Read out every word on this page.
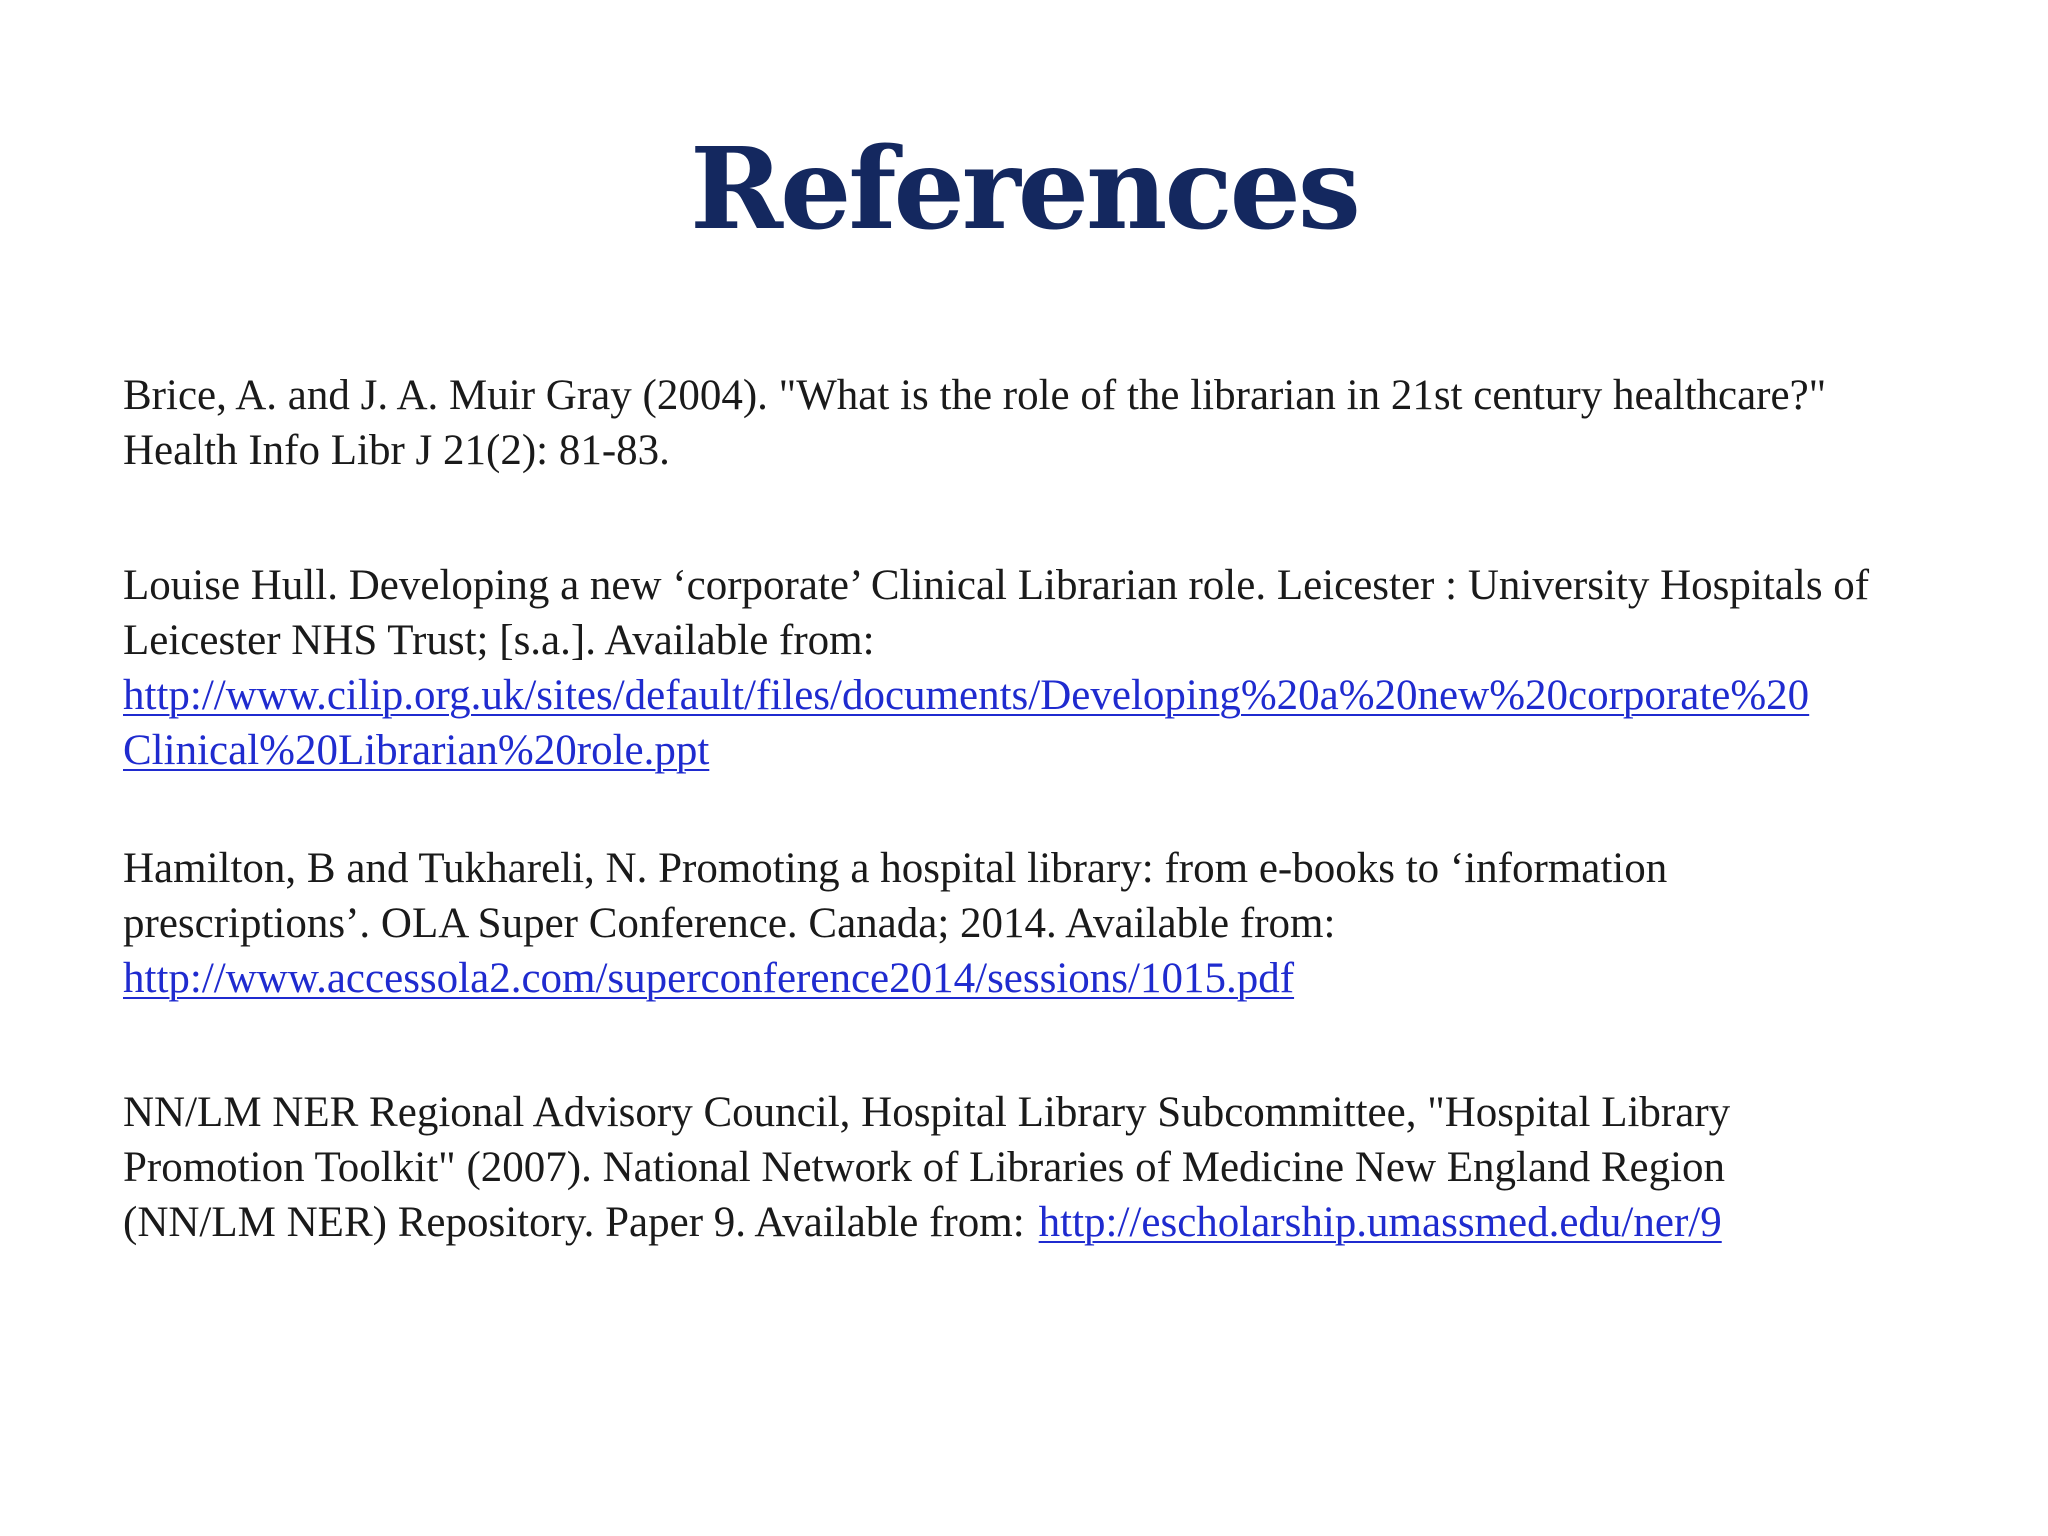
References

Brice, A. and J. A. Muir Gray (2004). "What is the role of the librarian in 21st century healthcare?"
Health Info Libr J 21(2): 81-83.

Louise Hull. Developing a new ‘corporate’ Clinical Librarian role. Leicester : University Hospitals of
Leicester NHS Trust; [s.a.]. Available from:
http://www.cilip.org.uk/sites/default/files/documents/Developing%20a%20new%20corporate%20
Clinical%20Librarian%20role.ppt

Hamilton, B and Tukhareli, N. Promoting a hospital library: from e-books to ‘information
prescriptions’. OLA Super Conference. Canada; 2014. Available from:
http://www.accessola2.com/superconference2014/sessions/1015.pdf

NN/LM NER Regional Advisory Council, Hospital Library Subcommittee, "Hospital Library
Promotion Toolkit" (2007). National Network of Libraries of Medicine New England Region
(NN/LM NER) Repository. Paper 9. Available from: http://escholarship.umassmed.edu/ner/9
